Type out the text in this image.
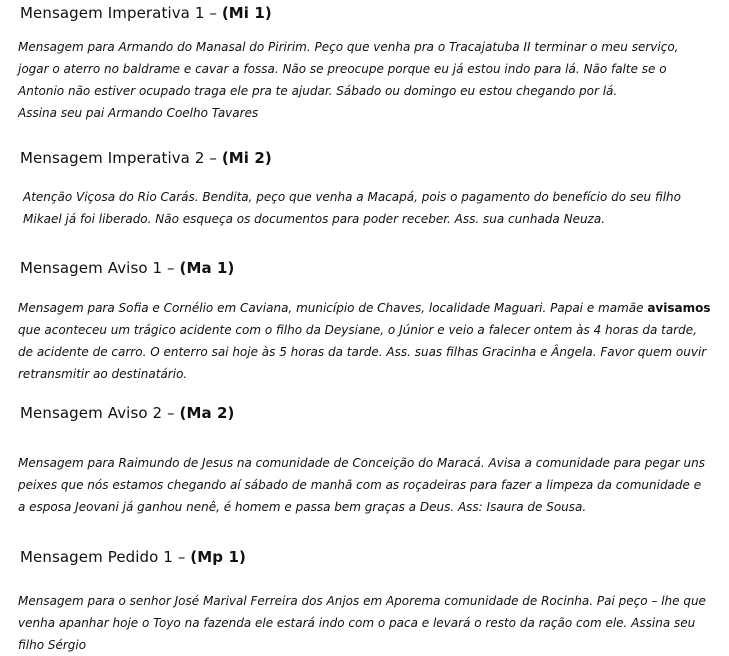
Mensagem Imperativa 1 – (Mi 1)
Mensagem para Armando do Manasal do Piririm. Peço que venha pra o Tracajatuba II terminar o meu serviço,
jogar o aterro no baldrame e cavar a fossa. Não se preocupe porque eu já estou indo para lá. Não falte se o
Antonio não estiver ocupado traga ele pra te ajudar. Sábado ou domingo eu estou chegando por lá.
Assina seu pai Armando Coelho Tavares
Mensagem Imperativa 2 – (Mi 2)
Atenção Viçosa do Rio Carás. Bendita, peço que venha a Macapá, pois o pagamento do benefício do seu filho
Mikael já foi liberado. Não esqueça os documentos para poder receber. Ass. sua cunhada Neuza.
Mensagem Aviso 1 – (Ma 1)
Mensagem para Sofia e Cornélio em Caviana, município de Chaves, localidade Maguari. Papai e mamãe avisamos
que aconteceu um trágico acidente com o filho da Deysiane, o Júnior e veio a falecer ontem às 4 horas da tarde,
de acidente de carro. O enterro sai hoje às 5 horas da tarde. Ass. suas filhas Gracinha e Ângela. Favor quem ouvir
retransmitir ao destinatário.
Mensagem Aviso 2 – (Ma 2)
Mensagem para Raimundo de Jesus na comunidade de Conceição do Maracá. Avisa a comunidade para pegar uns
peixes que nós estamos chegando aí sábado de manhã com as roçadeiras para fazer a limpeza da comunidade e
a esposa Jeovani já ganhou nenê, é homem e passa bem graças a Deus. Ass: Isaura de Sousa.
Mensagem Pedido 1 – (Mp 1)
Mensagem para o senhor José Marival Ferreira dos Anjos em Aporema comunidade de Rocinha. Pai peço – lhe que
venha apanhar hoje o Toyo na fazenda ele estará indo com o paca e levará o resto da ração com ele. Assina seu
filho Sérgio
